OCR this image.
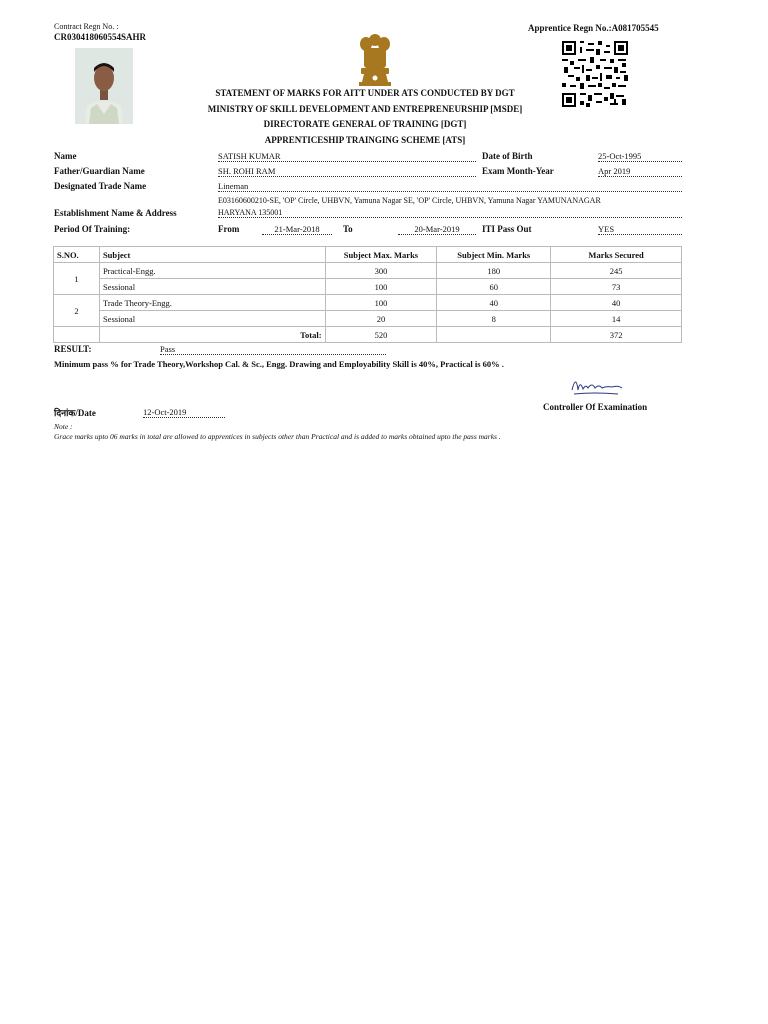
Contract Regn No. :
CR030418060554SAHR
Apprentice Regn No.:A081705545
STATEMENT OF MARKS FOR AITT UNDER ATS CONDUCTED BY DGT
MINISTRY OF SKILL DEVELOPMENT AND ENTREPRENEURSHIP [MSDE]
DIRECTORATE GENERAL OF TRAINING [DGT]
APPRENTICESHIP TRAINGING SCHEME [ATS]
Name	SATISH KUMAR	Date of Birth	25-Oct-1995
Father/Guardian Name	SH. ROHI RAM	Exam Month-Year	Apr 2019
Designated Trade Name	Lineman
Establishment Name & Address
E03160600210-SE, 'OP' Circle, UHBVN, Yamuna Nagar SE, 'OP' Circle, UHBVN, Yamuna Nagar YAMUNANAGAR
HARYANA 135001
Period Of Training:	From	21-Mar-2018	To	20-Mar-2019	ITI Pass Out	YES
S.NO.	Subject	Subject Max. Marks	Subject Min. Marks	Marks Secured
1	Practical-Engg.	300	180	245
	Sessional	100	60	73
2	Trade Theory-Engg.	100	40	40
	Sessional	20	8	14
	Total:	520		372
RESULT:	Pass
Minimum pass % for Trade Theory,Workshop Cal. & Sc., Engg. Drawing and Employability Skill is 40%, Practical is 60% .
Controller Of Examination
दिनांक/Date	12-Oct-2019
Note :
Grace marks upto 06 marks in total are allowed to apprentices in subjects other than Practical and is added to marks obtained upto the pass marks .
